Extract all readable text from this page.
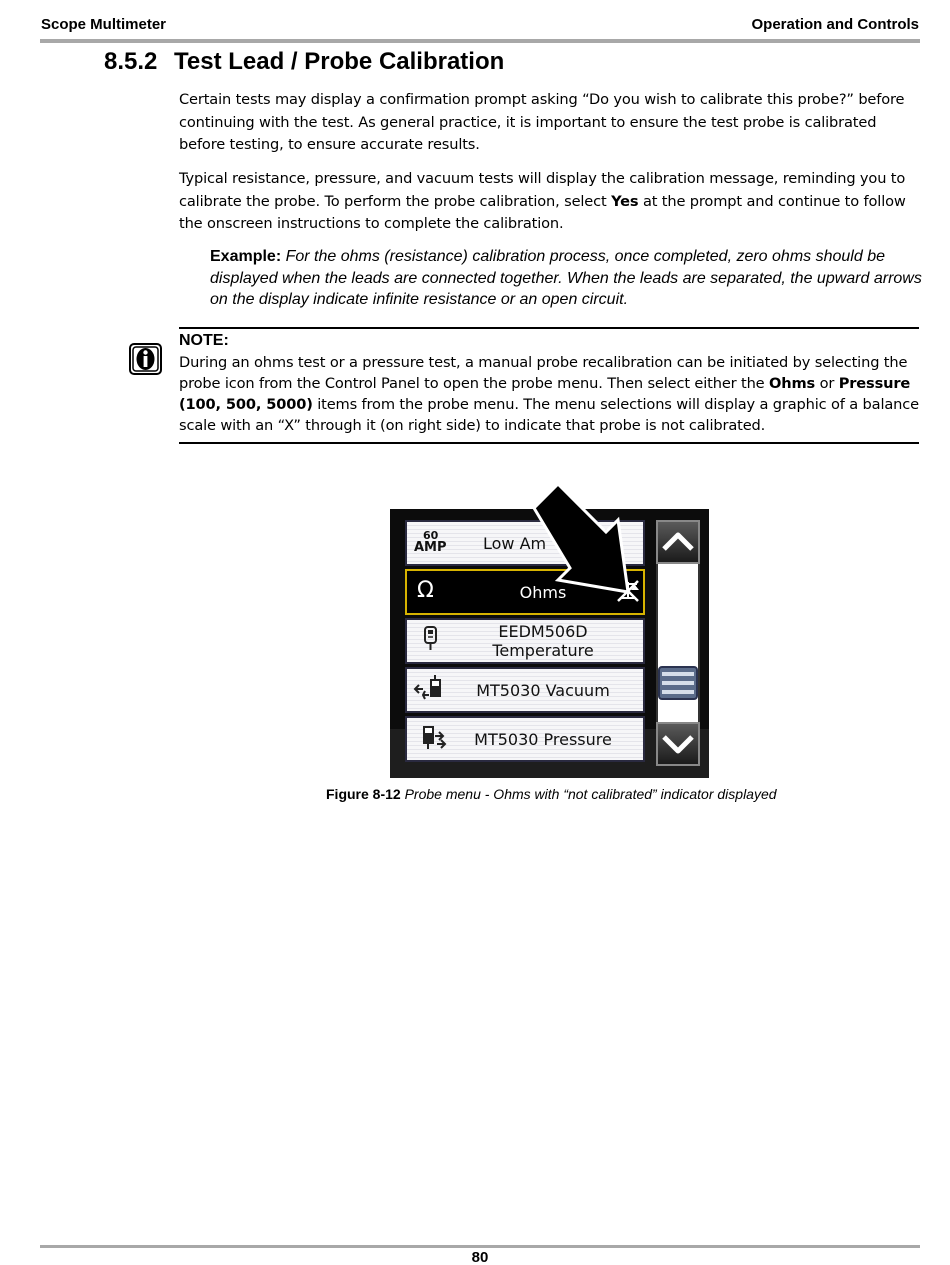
Scope Multimeter	Operation and Controls
8.5.2 Test Lead / Probe Calibration
Certain tests may display a confirmation prompt asking “Do you wish to calibrate this probe?” before continuing with the test. As general practice, it is important to ensure the test probe is calibrated before testing, to ensure accurate results.
Typical resistance, pressure, and vacuum tests will display the calibration message, reminding you to calibrate the probe. To perform the probe calibration, select Yes at the prompt and continue to follow the onscreen instructions to complete the calibration.
Example: For the ohms (resistance) calibration process, once completed, zero ohms should be displayed when the leads are connected together. When the leads are separated, the upward arrows on the display indicate infinite resistance or an open circuit.
NOTE:
During an ohms test or a pressure test, a manual probe recalibration can be initiated by selecting the probe icon from the Control Panel to open the probe menu. Then select either the Ohms or Pressure (100, 500, 5000) items from the probe menu. The menu selections will display a graphic of a balance scale with an “X” through it (on right side) to indicate that probe is not calibrated.
60
AMP	Low Am
Ω	Ohms
EEDM506D Temperature
MT5030 Vacuum
MT5030 Pressure
Figure 8-12 Probe menu - Ohms with “not calibrated” indicator displayed
80
